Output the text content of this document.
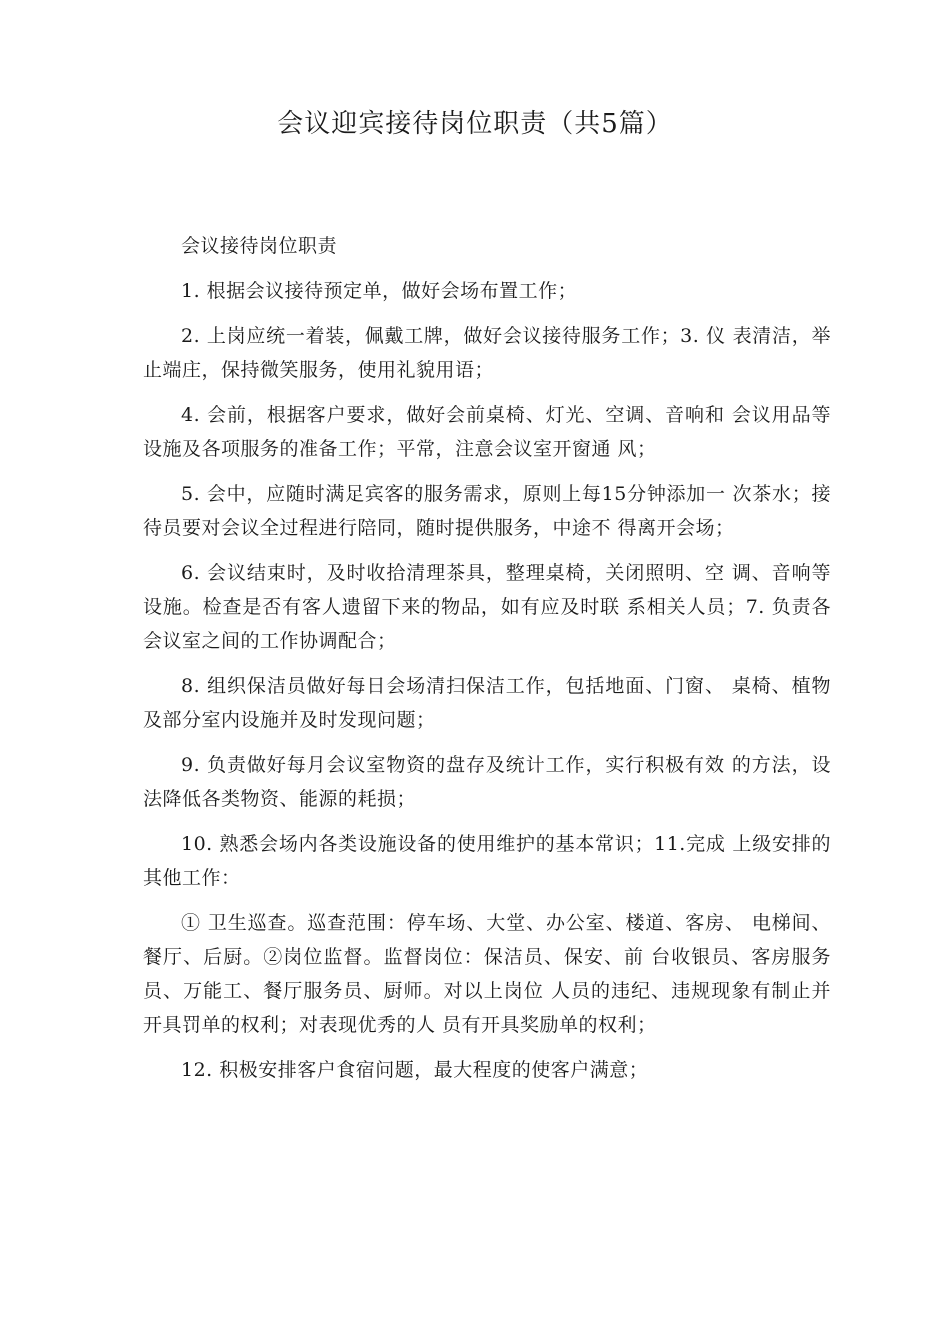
会议迎宾接待岗位职责（共5篇）

会议接待岗位职责

1. 根据会议接待预定单，做好会场布置工作；

2. 上岗应统一着装，佩戴工牌，做好会议接待服务工作；3. 仪 表清洁，举止端庄，保持微笑服务，使用礼貌用语；

4. 会前，根据客户要求，做好会前桌椅、灯光、空调、音响和 会议用品等设施及各项服务的准备工作；平常，注意会议室开窗通 风；

5. 会中，应随时满足宾客的服务需求，原则上每15分钟添加一 次茶水；接待员要对会议全过程进行陪同，随时提供服务，中途不 得离开会场；

6. 会议结束时，及时收拾清理茶具，整理桌椅，关闭照明、空 调、音响等设施。检查是否有客人遗留下来的物品，如有应及时联 系相关人员；7. 负责各会议室之间的工作协调配合；

8. 组织保洁员做好每日会场清扫保洁工作，包括地面、门窗、 桌椅、植物及部分室内设施并及时发现问题；

9. 负责做好每月会议室物资的盘存及统计工作，实行积极有效 的方法，设法降低各类物资、能源的耗损；

10. 熟悉会场内各类设施设备的使用维护的基本常识；11.完成 上级安排的其他工作：

① 卫生巡查。巡查范围：停车场、大堂、办公室、楼道、客房、 电梯间、餐厅、后厨。②岗位监督。监督岗位：保洁员、保安、前 台收银员、客房服务员、万能工、餐厅服务员、厨师。对以上岗位 人员的违纪、违规现象有制止并开具罚单的权利；对表现优秀的人 员有开具奖励单的权利；

12. 积极安排客户食宿问题，最大程度的使客户满意；
